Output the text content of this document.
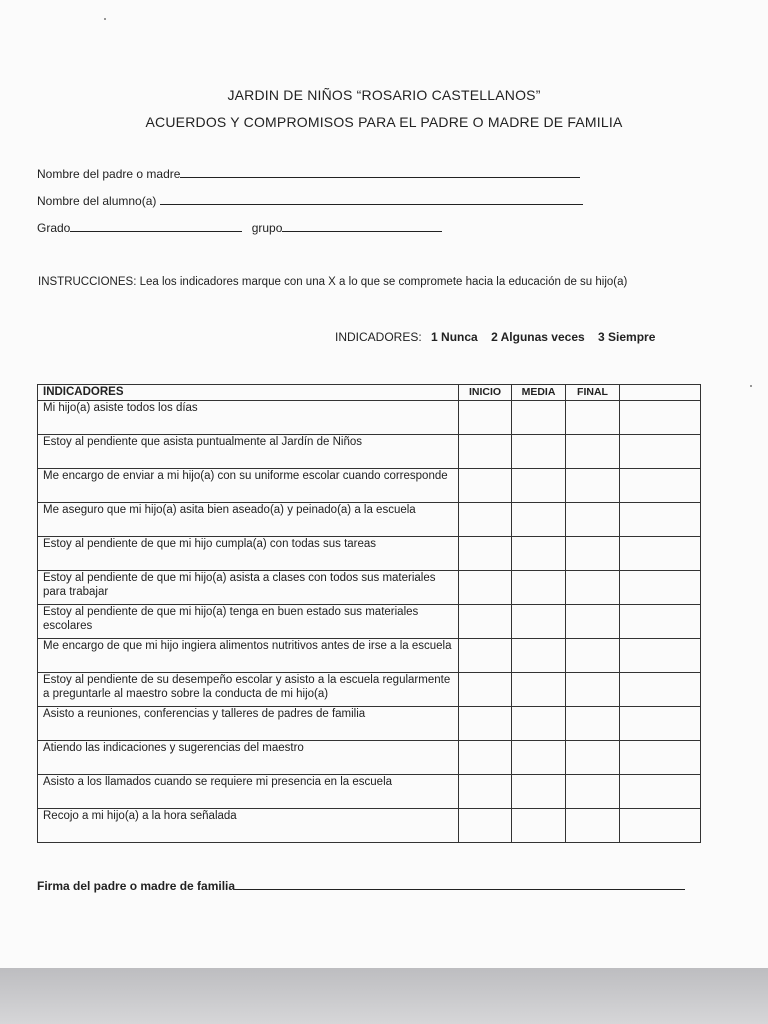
JARDIN DE NIÑOS “ROSARIO CASTELLANOS”
ACUERDOS Y COMPROMISOS PARA EL PADRE O MADRE DE FAMILIA
Nombre del padre o madre
Nombre del alumno(a)
Grado	grupo
INSTRUCCIONES: Lea los indicadores marque con una X a lo que se compromete hacia la educación de su hijo(a)
INDICADORES: 1 Nunca 2 Algunas veces 3 Siempre
INDICADORES	INICIO	MEDIA	FINAL	
Mi hijo(a) asiste todos los días				
Estoy al pendiente que asista puntualmente al Jardín de Niños				
Me encargo de enviar a mi hijo(a) con su uniforme escolar cuando corresponde				
Me aseguro que mi hijo(a) asita bien aseado(a) y peinado(a) a la escuela				
Estoy al pendiente de que mi hijo cumpla(a) con todas sus tareas				
Estoy al pendiente de que mi hijo(a) asista a clases con todos sus materiales para trabajar				
Estoy al pendiente de que mi hijo(a) tenga en buen estado sus materiales escolares				
Me encargo de que mi hijo ingiera alimentos nutritivos antes de irse a la escuela				
Estoy al pendiente de su desempeño escolar y asisto a la escuela regularmente a preguntarle al maestro sobre la conducta de mi hijo(a)				
Asisto a reuniones, conferencias y talleres de padres de familia				
Atiendo las indicaciones y sugerencias del maestro				
Asisto a los llamados cuando se requiere mi presencia en la escuela				
Recojo a mi hijo(a) a la hora señalada				
Firma del padre o madre de familia
